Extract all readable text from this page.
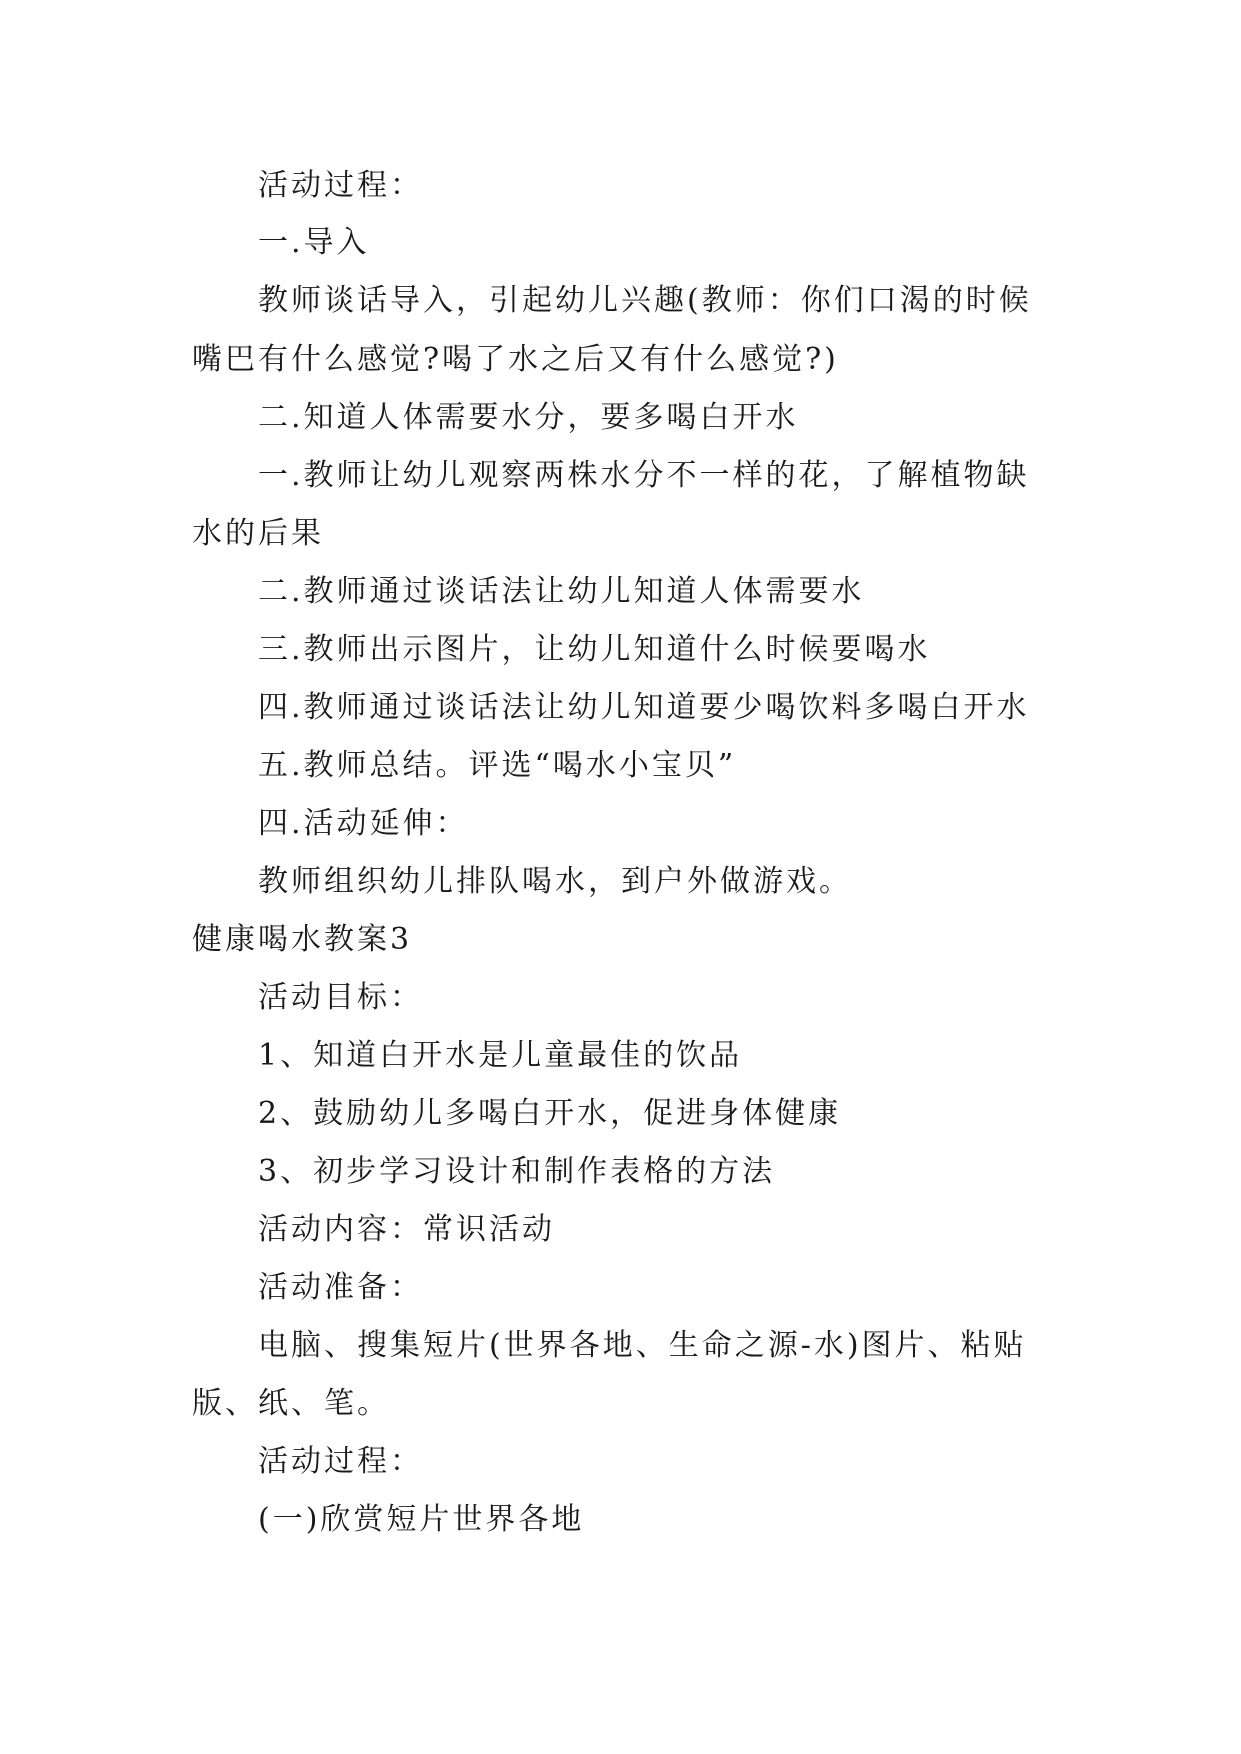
活动过程：

一.导入

教师谈话导入，引起幼儿兴趣(教师：你们口渴的时候

嘴巴有什么感觉?喝了水之后又有什么感觉?)

二.知道人体需要水分，要多喝白开水

一.教师让幼儿观察两株水分不一样的花，了解植物缺

水的后果

二.教师通过谈话法让幼儿知道人体需要水

三.教师出示图片，让幼儿知道什么时候要喝水

四.教师通过谈话法让幼儿知道要少喝饮料多喝白开水

五.教师总结。评选“喝水小宝贝”

四.活动延伸：

教师组织幼儿排队喝水，到户外做游戏。

健康喝水教案3

活动目标：

1、知道白开水是儿童最佳的饮品

2、鼓励幼儿多喝白开水，促进身体健康

3、初步学习设计和制作表格的方法

活动内容：常识活动

活动准备：

电脑、搜集短片(世界各地、生命之源-水)图片、粘贴

版、纸、笔。

活动过程：

(一)欣赏短片世界各地
